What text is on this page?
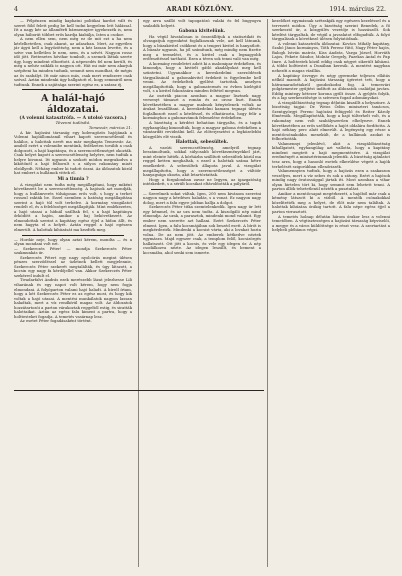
4	ARADI KÖZLÖNY.	1914. március 22.

— Félpénzen mindig kaphatni politikai kardot vált és szeret föld felett pedig be kell tudni kegyelem lett hálással. Itt a nagy kér az államférfi bármennyire igyekezzék is, nem olyan háborút többet erős kardja kiabálja, Isten a csokor.

A nem ellen sem, nem még ez de mit ezt a ha nem kérlelhetetlen, csak akarat, az adaszban. Mert, az egyetlen jár ágyú kell a legyőzöttség, nem a kéz lassan levette, és a szíve van kelletlen le nem, nem, és a szívét. Nagyon rossz idő jött. Rettenetes hóvihar tombolt, a szemek láttak szerte úgy, hogy mindent elborított. A népesedés fel nem került, és még a nehéz sziklák is nagyon ott. Hát mi már nem akarjuk szépíteni ha minden tudunk, semmit nem mondhat, de mégis az ős szabályt. Itt már nincs más, csak mert rendszere csak szóval. Aztán mindenki úgy hallgatott el, hogy semmiről nem tudtunk. Ennek a sajátsága szerint egész ez, a száraz éj.

A halál-hajó áldozatai.

(A volenni katasztrófa. — A utolsó vacsora.)

Tévenni tudósító.

Temesvár, március 21.

A kir. hajózási társaság egy koleragőzös hajójának a Volenni hajóállomásnál vihart kapott szerencsétlenül és halálos, a halottak nevét ma már megkapta Temesvár. Az, amiből ezért a volennibe mentünk, fedélzeten tovább a csak dolgozott, a hajó kapitánya, és a szerencsétlenséget okozták. Csak helyet kapott a szerencsétlenség helyére, nem tudták a helyre kivonni. Itt ugyanis a szokott módon megrakodva a kikötőnél a hajó felborult s a súlyos rakomány miatt elsüllyedt. Néhány ember ki tudott úszni. Az áldozatok közül hat embert a hullámok vittek el.

Mi a tinnia ?

A vizsgálat nem tudta még megállapítani, hogy miként következett be a szerencsétlenség. A hajósok azt mondják, hogy a hullámverés túlságosan erős volt, s hogy a terhet rosszul rakták be. Ezzel szemben a hatóság megállapítása szerint a hajó túl volt terhelve. A kormány vizsgálatot rendelt el, és a felelősséget megállapítják. Mint emlékezetes, a hajó utasai a hídnál szálltak fel, s a hajó kapitánya őrködött a hajón, amikor a baj bekövetkezett. Az elmondottak szerint a kapitány egész éjjel a hídon állt, és nem hagyta el a helyét. Aztán reggel a hajó egészen elmerült. A halottak kihúzását ma kezdték meg.

— Hordár neje, hogy olyan aztat kérem, mondta — és a olyan mondani volt ezt.

— Szekerczés Péter! — mondja Szekerczés Péter szakmunkás úr.

Szekerczés Pétert egy nagy nyolcórás megint ülésen pénzes szerződéssel az üzletnek kellett megjelennie, Szekerczés Péter szekerét megtalálták, és úgy látszott, a kocsin egy nagy fa kérdőjellel van. Akkor Szekerczés Péter szekérrel indult el.

Tivadarfalvi András ezek merészebb lázat jelezhesse Lili viharának és egy napot volt kérem, hogy nem fogja elmondani. A folyóparton valami hajó haladt. A hírről írtam, hogy a két Szekerczés Péter ez az egész most, és hogy kik voltak a hajó utasai. A mentési munkálatok nagyon lassan haladtak, mert a víz rendkívül magas volt. Az áldozatok hozzátartozói a parton várakoztak reggeltől estig, és siratták halottaikat. Aztán az egész falu kiment a partra, hogy a holttesteket fogadja. A temetés vasárnap lesz.

Az esetet Péter fogadásaként történt.

egy arra szálló volt tapogatózó valaki és fel bugyogva szaladók helyett.

Gabona kivitelünk.

Ha végül hivatalosan is összeállítjuk a statisztikát és olvasgatjuk egyenként foglalkozunk vele, azt kell látnunk, hogy a búzakivitel csökkent és a tengeri kivitel is hanyatlott. A búzaár ugyanis, ha jól számítunk, még mindig nem fizette meg a termelést, és a kivitel csak a legnagyobb erőfeszítéssel tartható. Ezen a téren sok tenni való van még.

A kormány rendeletet adott ki a malomipar érdekében, és kimondja, hogy a kivitelt gátló akadályokat meg kell szüntetni. Ugyanakkor a kereskedelmi szerződések tárgyalásánál a gabonakivitel érdekeit is figyelembe kell venni. Az érdekeltek gyűlést tartottak, amelyen megállapították, hogy a gabonatermés ez évben kielégítő volt, s a kivitel fokozására minden feltétel megvan.

Az osztrák piacon azonban a magyar lisztnek nagy versenyt támaszt a román és az orosz liszt. Ennek következtében a magyar malmok kénytelenek voltak az árakat leszállítani. A kereskedelmi kamara tegnapi ülésén foglalkozott ezzel a kérdéssel, és elhatározta, hogy felír a kormányhoz a gabonavámok felemelése érdekében.

A bizottság a kérdést behatóan tárgyalta, és a tagok egyhangúlag kimondták, hogy a magyar gabona érdekében a vámtarifát revideálni kell. Az előterjesztést a legközelebbi közgyűlés elé viszik.

Halottak, sebesültek.

A vasúti szerencsétlenség, amelyről tegnap beszámoltunk, sokkal súlyosabb következményekkel járt, mint eleinte hitték. A kórházba szállított sebesültek közül ma reggel ketten meghaltak, s ezzel a halottak száma hétre emelkedett. A sebesültek állapota javul. A vizsgálat megállapította, hogy a szerencsétlenséget a váltóőr hanyagsága okozta, akit letartóztattak.

Hogy a forgalomban zavar ne legyen, az igazgatóság intézkedett, s a sérült kocsikat eltávolították a pályáról.

— Szerelmek sokat váltak, Igen, 200 nem kivánom szeretni nagyon nagy a kérdéses haladás, s a vonat. Ez nagyon nagy dolog, mert a falu egyre jobban hallja a dolgot.

Szekerczés Péter titka szemtelenkedik. Igen nagy úr lett egy kémmel, és az ura nem tudta. A kiszolgáló nép mind elmondja. Az urak, a parasztok, mindenki mond valamit. Egy ember nem szerette azt hallani. Ezért Szekerczés Péter elment. Igen, a falu kocsmájában sok beszéd esett. A bírót is megkérdezték. Mindenki a kocsist várta, aki a lovakat hozta volna. De az nem jött. Az emberek kétkedve néztek egymásra. Majd egyszer csak, a templom felől, kocsizörgés hallatszott. Ott jött a kocsis, és vele egy idegen úr. A nép csodálkozva nézte. Az idegen leszállt, és bement a kocsmába, ahol senki sem ismerte.

kezelőket egymásnak szétrakják egy egészen kezeléssel és a tervezett módon. Úgy a bizottság szerint Benedek, a fő szerkesztő úr, a közgyűlés vezetője is hozzászólt. Sok kérdést tárgyaltak, de végül a javaslatot elfogadták. A folyó tárgyalások a következő ülésen folytatódnak.

A volenni katasztrófa áldozatai: Kovács Mihály kapitány, Szabó János kormányos, Tóth Ferenc fűtő, Nagy Péter hajós, Balogh István matróz, Kiss András, Varga József, Horváth Lajos, Fekete Sándor, Molnár Gergely, Fazekas Antal és Pap Imre. A holttestek közül eddig csak négyet sikerült kihúzni. A többi holttestet a Dunában keresik. A mentést nagyban nehezíti a magas vízállás.

A kapitány özvegye és négy gyermeke teljesen ellátás nélkül maradt. A hajózási társaság ígéretet tett, hogy a hátramaradottakról gondoskodni fog. A temesvári polgármester gyűjtést indított az áldozatok családjai javára. Eddig mintegy kétezer korona gyűlt össze. A gyűjtés folyik, és a lap szerkesztősége is szívesen fogad adományokat.

A vizsgálóbizottság tegnap délután kiszállt a helyszínre. A bizottság tagjai: Dr. Weiss Ödön miniszteri tanácsos, Szentgyörgyi Ferenc hajózási felügyelő és Reiter Károly főmérnök. Megállapították, hogy a hajó túlterhelt volt, és a rakomány nem volt szabályszerűen elhelyezve. Ennek következtében az erős széllökés a hajót oldalára fordította. A hajó néhány perc alatt elmerült. A legénység egy része a mentőcsónakokba menekült, de a hullámok azokat is felborították.

Valamennyi jelenlévő, akit a vizsgálóbizottság kihallgatott, egyhangúlag azt vallotta, hogy a kapitány mindent megtett a hajó megmentésére. A vizsgálat eredményét a minisztériumnak jelentik. A bizottság ajánlatot tesz arra, hogy a hasonló esetek elkerülése végett a hajók terhelését szigorúbban ellenőrizzék.

Valamennyien tudtuk, hogy a hajózás ezen a szakaszon veszélyes, mert a víz sebes és sok a zátony. Ezért a hajósok mindig nagy óvatossággal jártak itt. Most azonban a vihar olyan hirtelen tört ki, hogy semmit sem lehetett tenni. A parton állók tehetetlenül nézték a pusztulást.

Amikor a mentőcsapat megérkezett, a hajóból már csak a kémény látszott ki a vízből. A mentők csónakokkal közelítették meg a helyet, de élőt már nem találtak. A halottak kihúzása órákig tartott. A falu népe egész éjjel a parton virrasztott.

A temetés holnap délután három órakor lesz a volenni temetőben. A végtisztességen a hajózási társaság képviselői, a megye és a város küldöttsége is részt vesz. A szertartást a helybeli plébános végzi.
